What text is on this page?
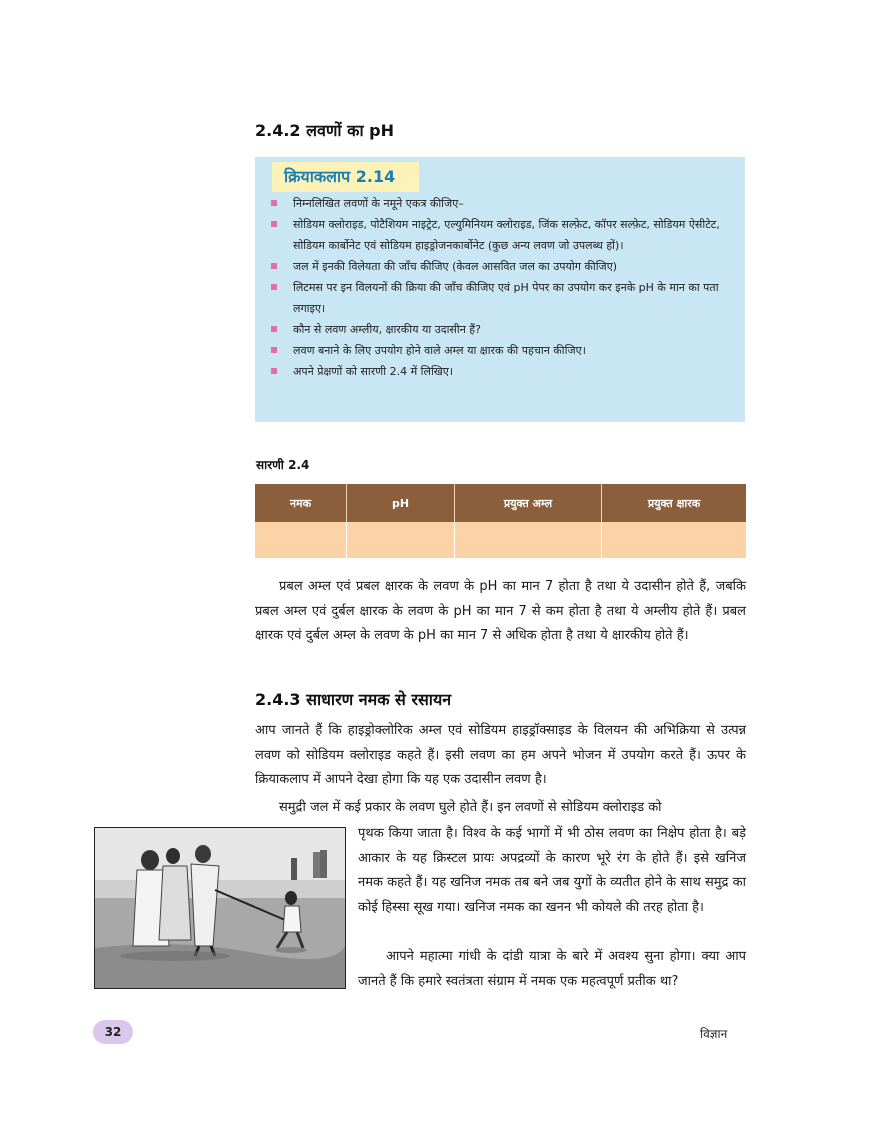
2.4.2 लवणों का pH
क्रियाकलाप 2.14
निम्नलिखित लवणों के नमूने एकत्र कीजिए–
सोडियम क्लोराइड, पोटैशियम नाइट्रेट, एल्युमिनियम क्लोराइड, जिंक सल्फ़ेट, कॉपर सल्फ़ेट, सोडियम ऐसीटेट, सोडियम कार्बोनेट एवं सोडियम हाइड्रोजनकार्बोनेट (कुछ अन्य लवण जो उपलब्ध हों)।
जल में इनकी विलेयता की जाँच कीजिए (केवल आसवित जल का उपयोग कीजिए)
लिटमस पर इन विलयनों की क्रिया की जाँच कीजिए एवं pH पेपर का उपयोग कर इनके pH के मान का पता लगाइए।
कौन से लवण अम्लीय, क्षारकीय या उदासीन हैं?
लवण बनाने के लिए उपयोग होने वाले अम्ल या क्षारक की पहचान कीजिए।
अपने प्रेक्षणों को सारणी 2.4 में लिखिए।
सारणी 2.4
नमक	pH	प्रयुक्त अम्ल	प्रयुक्त क्षारक

प्रबल अम्ल एवं प्रबल क्षारक के लवण के pH का मान 7 होता है तथा ये उदासीन होते हैं, जबकि प्रबल अम्ल एवं दुर्बल क्षारक के लवण के pH का मान 7 से कम होता है तथा ये अम्लीय होते हैं। प्रबल क्षारक एवं दुर्बल अम्ल के लवण के pH का मान 7 से अधिक होता है तथा ये क्षारकीय होते हैं।
2.4.3 साधारण नमक से रसायन
आप जानते हैं कि हाइड्रोक्लोरिक अम्ल एवं सोडियम हाइड्रॉक्साइड के विलयन की अभिक्रिया से उत्पन्न लवण को सोडियम क्लोराइड कहते हैं। इसी लवण का हम अपने भोजन में उपयोग करते हैं। ऊपर के क्रियाकलाप में आपने देखा होगा कि यह एक उदासीन लवण है।
समुद्री जल में कई प्रकार के लवण घुले होते हैं। इन लवणों से सोडियम क्लोराइड को
पृथक किया जाता है। विश्व के कई भागों में भी ठोस लवण का निक्षेप होता है। बड़े आकार के यह क्रिस्टल प्रायः अपद्रव्यों के कारण भूरे रंग के होते हैं। इसे खनिज नमक कहते हैं। यह खनिज नमक तब बने जब युगों के व्यतीत होने के साथ समुद्र का कोई हिस्सा सूख गया। खनिज नमक का खनन भी कोयले की तरह होता है।
आपने महात्मा गांधी के दांडी यात्रा के बारे में अवश्य सुना होगा। क्या आप जानते हैं कि हमारे स्वतंत्रता संग्राम में नमक एक महत्वपूर्ण प्रतीक था?
32	विज्ञान
